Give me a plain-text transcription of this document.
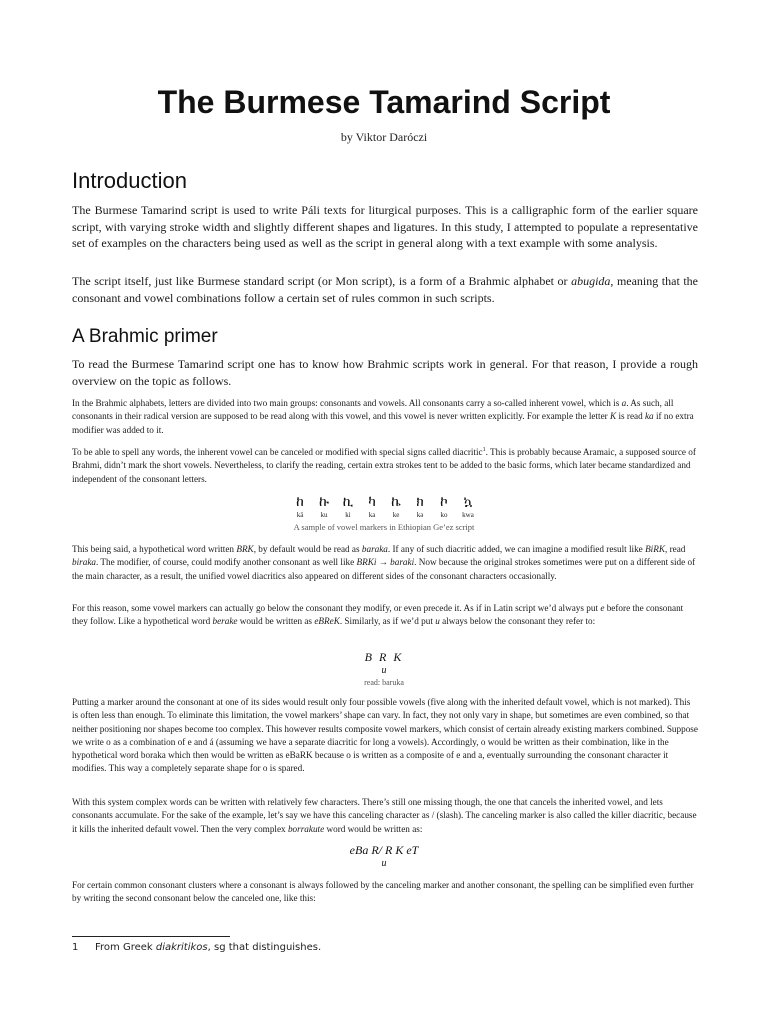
The Burmese Tamarind Script
by Viktor Daróczi
Introduction

The Burmese Tamarind script is used to write Páli texts for liturgical purposes. This is a calligraphic form of the earlier square script, with varying stroke width and slightly different shapes and ligatures. In this study, I attempted to populate a representative set of examples on the characters being used as well as the script in general along with a text example with some analysis.

The script itself, just like Burmese standard script (or Mon script), is a form of a Brahmic alphabet or abugida, meaning that the consonant and vowel combinations follow a certain set of rules common in such scripts.

A Brahmic primer

To read the Burmese Tamarind script one has to know how Brahmic scripts work in general. For that reason, I provide a rough overview on the topic as follows.

In the Brahmic alphabets, letters are divided into two main groups: consonants and vowels. All consonants carry a so-called inherent vowel, which is a. As such, all consonants in their radical version are supposed to be read along with this vowel, and this vowel is never written explicitly. For example the letter K is read ka if no extra modifier was added to it.

To be able to spell any words, the inherent vowel can be canceled or modified with special signs called diacritic$^1$. This is probably because Aramaic, a supposed source of Brahmi, didn’t mark the short vowels. Nevertheless, to clarify the reading, certain extra strokes tent to be added to the basic forms, which later became standardized and independent of the consonant letters.

ከ
kä
ኩ
ku
ኪ
ki
ካ
ka
ኬ
ke
ክ
kə
ኮ
ko
ኳ
kwa
A sample of vowel markers in Ethiopian Ge’ez script

This being said, a hypothetical word written BRK, by default would be read as baraka. If any of such diacritic added, we can imagine a modified result like BiRK, read biraka. The modifier, of course, could modify another consonant as well like BRKi → baraki. Now because the original strokes sometimes were put on a different side of the main character, as a result, the unified vowel diacritics also appeared on different sides of the consonant characters occasionally.

For this reason, some vowel markers can actually go below the consonant they modify, or even precede it. As if in Latin script we’d always put e before the consonant they follow. Like a hypothetical word berake would be written as eBReK. Similarly, as if we’d put u always below the consonant they refer to:

B R K
u
read: baruka

Putting a marker around the consonant at one of its sides would result only four possible vowels (five along with the inherited default vowel, which is not marked). This is often less than enough. To eliminate this limitation, the vowel markers’ shape can vary. In fact, they not only vary in shape, but sometimes are even combined, so that neither positioning nor shapes become too complex. This however results composite vowel markers, which consist of certain already existing markers combined. Suppose we write o as a combination of e and á (assuming we have a separate diacritic for long a vowels). Accordingly, o would be written as their combination, like in the hypothetical word boraka which then would be written as eBaRK because o is written as a composite of e and a, eventually surrounding the consonant character it modifies. This way a completely separate shape for o is spared.

With this system complex words can be written with relatively few characters. There’s still one missing though, the one that cancels the inherited vowel, and lets consonants accumulate. For the sake of the example, let’s say we have this canceling character as / (slash). The canceling marker is also called the killer diacritic, because it kills the inherited default vowel. Then the very complex borrakute word would be written as:

eBa R/ R K eT
u

For certain common consonant clusters where a consonant is always followed by the canceling marker and another consonant, the spelling can be simplified even further by writing the second consonant below the canceled one, like this:

1 From Greek diakritikos, sg that distinguishes.
